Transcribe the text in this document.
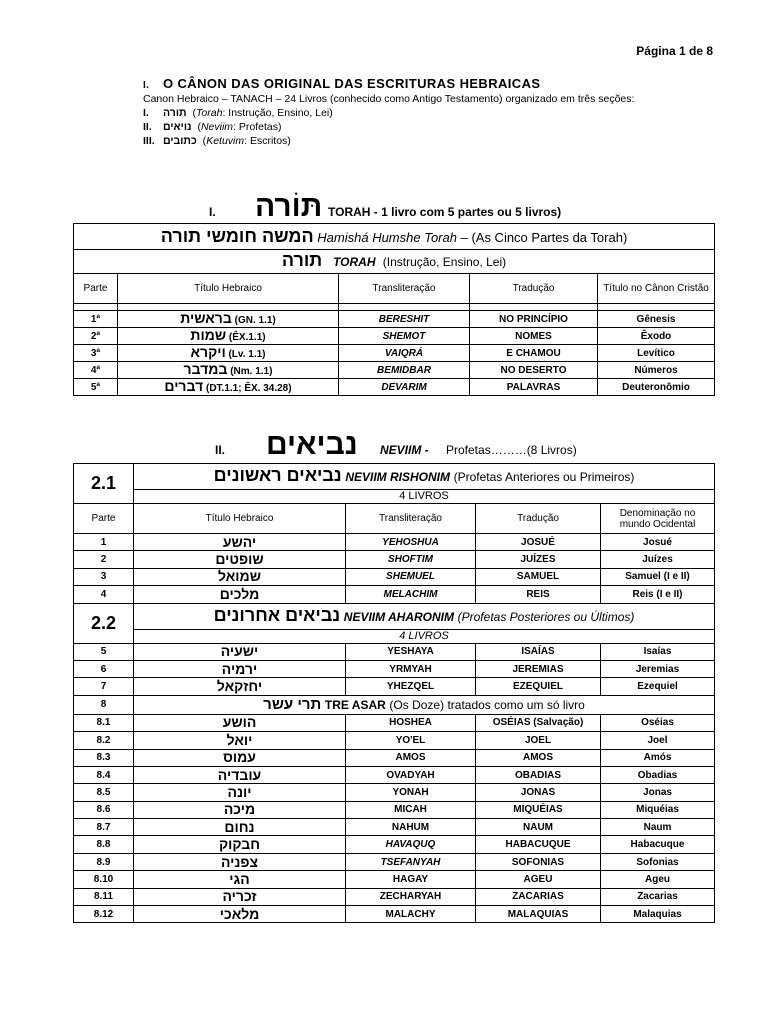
Página 1 de 8
I. O CÂNON DAS ORIGINAL DAS ESCRITURAS HEBRAICAS
Canon Hebraico – TANACH – 24 Livros (conhecido como Antigo Testamento) organizado em três seções:
I. תורה (Torah: Instrução, Ensino, Lei)
II. נויאים (Neviim: Profetas)
III. כתובים (Ketuvim: Escritos)
I. תּוֹרה TORAH - 1 livro com 5 partes ou 5 livros)
המשה חומשי תורה Hamishá Humshe Torah – (As Cinco Partes da Torah)				
תורה TORAH (Instrução, Ensino, Lei)				
Parte	Título Hebraico	Transliteração	Tradução	Título no Cânon Cristão

1ª	בראשית (GN. 1.1)	BERESHIT	NO PRINCÍPIO	Gênesis
2ª	שמות (ÊX.1.1)	SHEMOT	NOMES	Êxodo
3ª	ויקרא (Lv. 1.1)	VAIQRÁ	E CHAMOU	Levítico
4ª	במדבר (Nm. 1.1)	BEMIDBAR	NO DESERTO	Números
5ª	דברים (DT.1.1; ÊX. 34.28)	DEVARIM	PALAVRAS	Deuteronômio
II. נביאים NEVIIM - Profetas………(8 Livros)
2.1	נביאים ראשונים NEVIIM RISHONIM (Profetas Anteriores ou Primeiros)			
	4 LIVROS			
Parte	Título Hebraico	Transliteração	Tradução	Denominação no mundo Ocidental
1	יהשע	YEHOSHUA	JOSUÉ	Josué
2	שופטים	SHOFTIM	JUÍZES	Juízes
3	שמואל	SHEMUEL	SAMUEL	Samuel (I e II)
4	מלכים	MELACHIM	REIS	Reis (I e II)
2.2	נביאים אחרונים NEVIIM AHARONIM (Profetas Posteriores ou Últimos)			
	4 LIVROS			
5	ישעיה	YESHAYA	ISAÍAS	Isaías
6	ירמיה	YRMYAH	JEREMIAS	Jeremias
7	יחזקאל	YHEZQEL	EZEQUIEL	Ezequiel
8	תרי עשר TRE ASAR (Os Doze) tratados como um só livro			
8.1	הושע	HOSHEA	OSÉIAS (Salvação)	Oséias
8.2	יואל	YO'EL	JOEL	Joel
8.3	עמוס	AMOS	AMOS	Amós
8.4	עובדיה	OVADYAH	OBADIAS	Obadias
8.5	יונה	YONAH	JONAS	Jonas
8.6	מיכה	MICAH	MIQUÉIAS	Miquéias
8.7	נחום	NAHUM	NAUM	Naum
8.8	חבקוק	HAVAQUQ	HABACUQUE	Habacuque
8.9	צפניה	TSEFANYAH	SOFONIAS	Sofonias
8.10	הגי	HAGAY	AGEU	Ageu
8.11	זכריה	ZECHARYAH	ZACARIAS	Zacarias
8.12	מלאכי	MALACHY	MALAQUIAS	Malaquias
